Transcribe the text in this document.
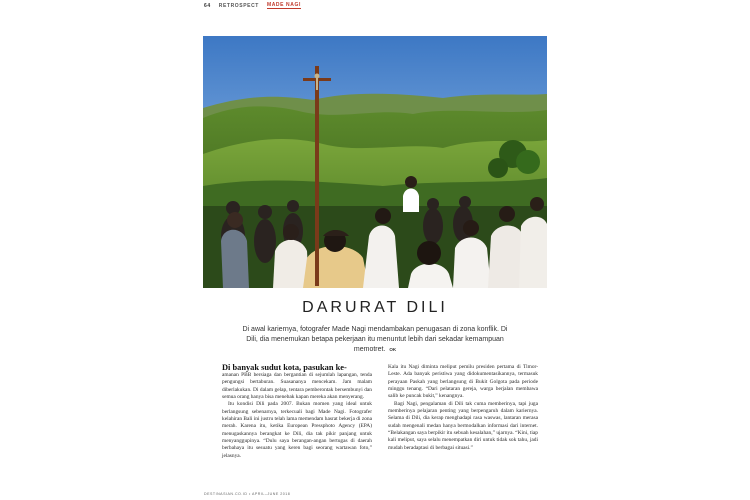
64 RETROSPECT MADE NAGI
DARURAT DILI
Di awal kariernya, fotografer Made Nagi mendambakan penugasan di zona konflik. Di Dili, dia menemukan betapa pekerjaan itu menuntut lebih dari sekadar kemampuan memotret. OK
Di banyak sudut kota, pasukan ke-

amanan PBB bersiaga dan bergantian di sejumlah lapangan, tenda pengungsi bertaburan. Suasananya mencekam. Jam malam diberlakukan. Di dalam gelap, tentara pemberontak bersembunyi dan semua orang hanya bisa menebak kapan mereka akan menyerang.

Itu kondisi Dili pada 2007. Bukan momen yang ideal untuk berlangsung sebenarnya, terkecuali bagi Made Nagi. Fotografer kelahiran Bali ini justru telah lama memendam hasrat bekerja di zona merah. Karena itu, ketika European Pressphoto Agency (EPA) menugaskannya berangkat ke Dili, dia tak pikir panjang untuk menyanggupinya. “Dulu saya berangan-angan bertugas di daerah berbahaya itu sesuatu yang keren bagi seorang wartawan foto,” jelasnya.

Kala itu Nagi diminta meliput pemilu presiden pertama di Timor-Leste. Ada banyak peristiwa yang didokumentasikannya, termasuk perayaan Paskah yang berlangsung di Bukit Golgota pada periode minggu tenang. “Dari pelataran gereja, warga berjalan membawa salib ke puncak bukit,” kenangnya.

Bagi Nagi, pengalaman di Dili tak cuma memberinya, tapi juga memberinya pelajaran penting yang berpengaruh dalam kariernya. Selama di Dili, dia kerap menghadapi rasa waswas, lantaran merasa sudah mengenali medan hanya bermodalkan informasi dari internet. “Belakangan saya berpikir itu sebuah kesalahan,” ujarnya. “Kini, tiap kali meliput, saya selalu menempatkan diri untuk tidak sok tahu, jadi mudah beradaptasi di berbagai situasi.”

DESTINASIAN.CO.ID • APRIL–JUNE 2018
